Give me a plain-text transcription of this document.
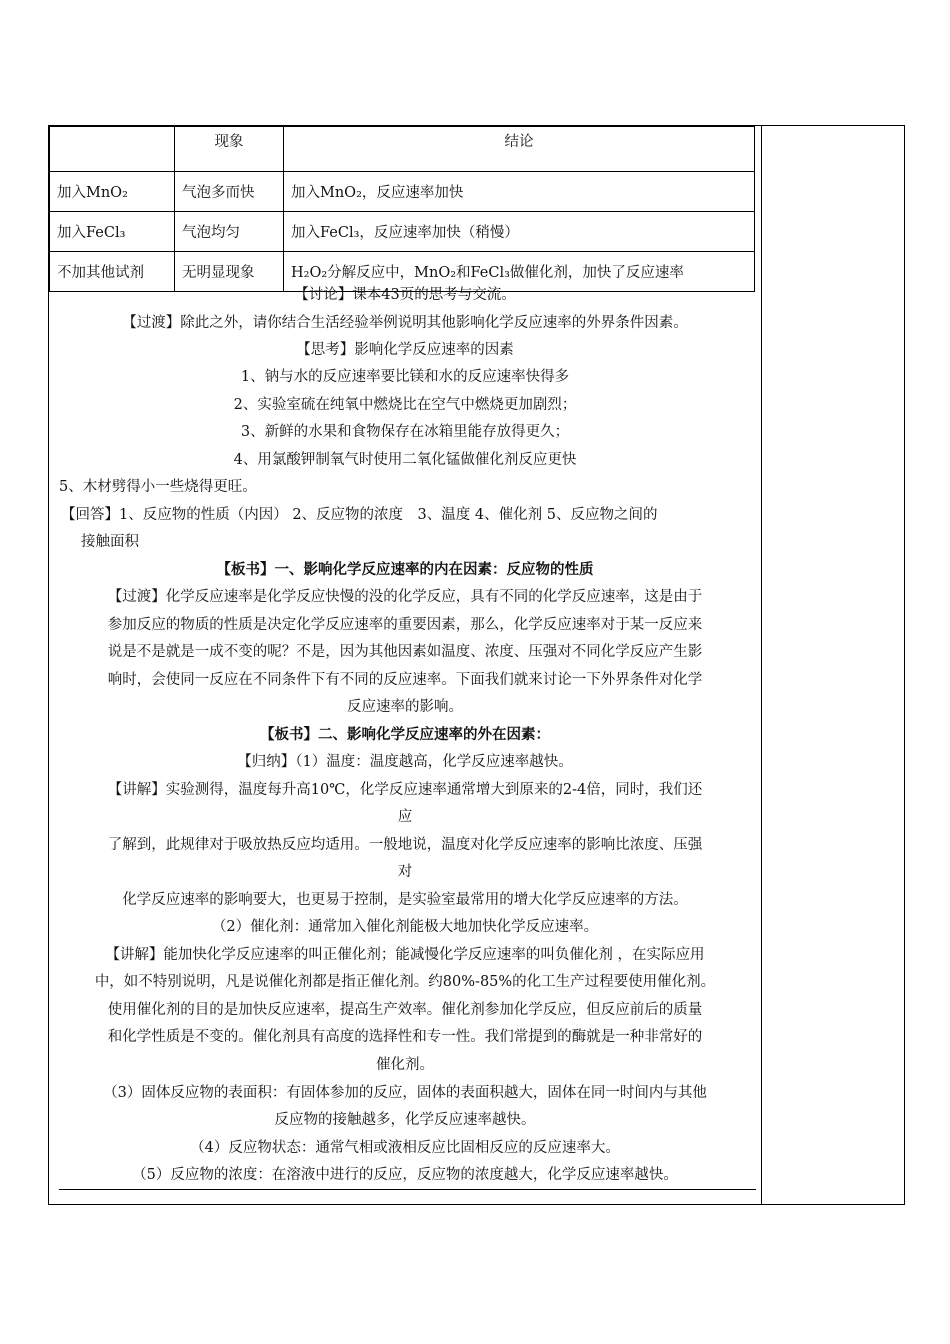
	现象	结论
加入MnO₂	气泡多而快	加入MnO₂，反应速率加快
加入FeCl₃	气泡均匀	加入FeCl₃，反应速率加快（稍慢）
不加其他试剂	无明显现象	H₂O₂分解反应中，MnO₂和FeCl₃做催化剂，加快了反应速率
【讨论】课本43页的思考与交流。
【过渡】除此之外，请你结合生活经验举例说明其他影响化学反应速率的外界条件因素。
【思考】影响化学反应速率的因素
1、钠与水的反应速率要比镁和水的反应速率快得多
2、实验室硫在纯氧中燃烧比在空气中燃烧更加剧烈；
3、新鲜的水果和食物保存在冰箱里能存放得更久；
4、用氯酸钾制氧气时使用二氧化锰做催化剂反应更快
5、木材劈得小一些烧得更旺。
【回答】1、反应物的性质（内因） 2、反应物的浓度　3、温度 4、催化剂 5、反应物之间的
接触面积
【板书】一、影响化学反应速率的内在因素：反应物的性质
【过渡】化学反应速率是化学反应快慢的没的化学反应，具有不同的化学反应速率，这是由于
参加反应的物质的性质是决定化学反应速率的重要因素，那么，化学反应速率对于某一反应来
说是不是就是一成不变的呢？不是，因为其他因素如温度、浓度、压强对不同化学反应产生影
响时，会使同一反应在不同条件下有不同的反应速率。下面我们就来讨论一下外界条件对化学
反应速率的影响。
【板书】二、影响化学反应速率的外在因素：
【归纳】（1）温度：温度越高，化学反应速率越快。
【讲解】实验测得，温度每升高10℃，化学反应速率通常增大到原来的2-4倍，同时，我们还
应
了解到，此规律对于吸放热反应均适用。一般地说，温度对化学反应速率的影响比浓度、压强
对
化学反应速率的影响要大，也更易于控制，是实验室最常用的增大化学反应速率的方法。
（2）催化剂：通常加入催化剂能极大地加快化学反应速率。
【讲解】能加快化学反应速率的叫正催化剂；能减慢化学反应速率的叫负催化剂 ，在实际应用
中，如不特别说明，凡是说催化剂都是指正催化剂。约80%-85%的化工生产过程要使用催化剂。
使用催化剂的目的是加快反应速率，提高生产效率。催化剂参加化学反应，但反应前后的质量
和化学性质是不变的。催化剂具有高度的选择性和专一性。我们常提到的酶就是一种非常好的
催化剂。
（3）固体反应物的表面积：有固体参加的反应，固体的表面积越大，固体在同一时间内与其他
反应物的接触越多，化学反应速率越快。
（4）反应物状态：通常气相或液相反应比固相反应的反应速率大。
（5）反应物的浓度：在溶液中进行的反应，反应物的浓度越大，化学反应速率越快。
